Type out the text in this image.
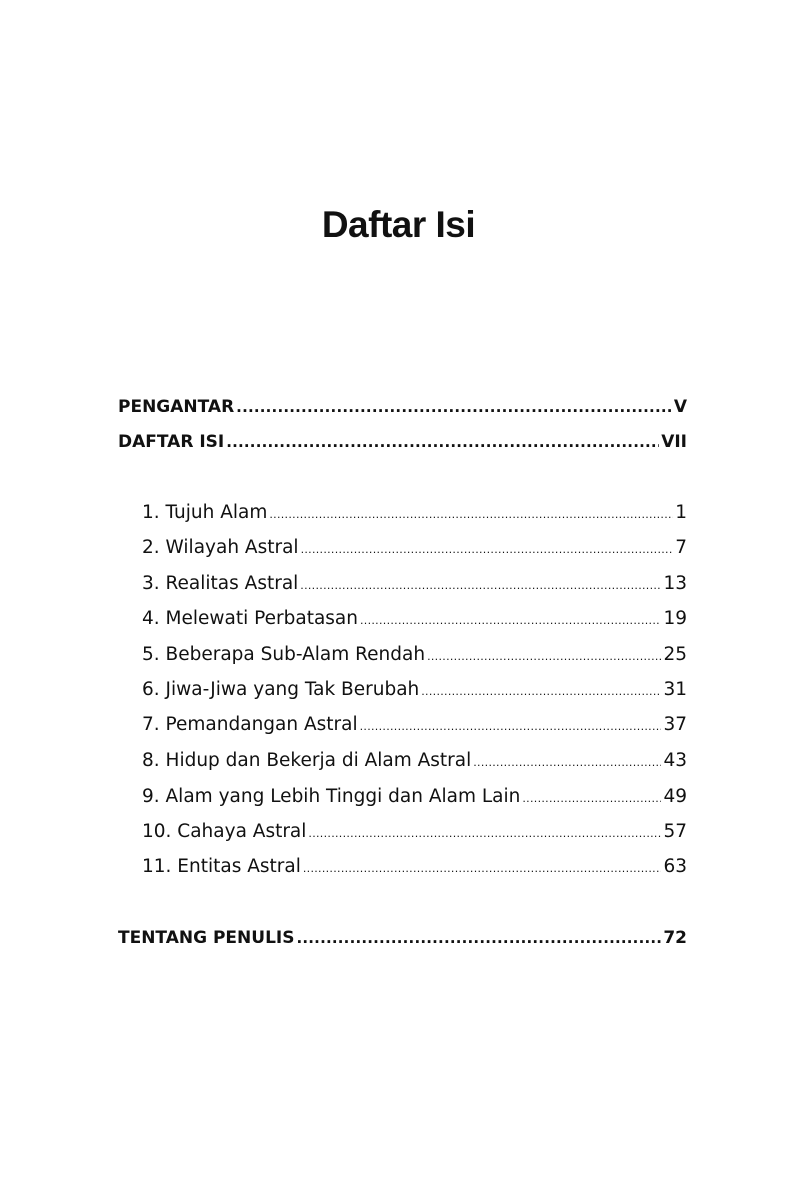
Daftar Isi
PENGANTAR .....	V
DAFTAR ISI .....	VII
1. Tujuh Alam .....	1
2. Wilayah Astral .....	7
3. Realitas Astral .....	13
4. Melewati Perbatasan .....	19
5. Beberapa Sub-Alam Rendah .....	25
6. Jiwa-Jiwa yang Tak Berubah .....	31
7. Pemandangan Astral .....	37
8. Hidup dan Bekerja di Alam Astral .....	43
9. Alam yang Lebih Tinggi dan Alam Lain .....	49
10. Cahaya Astral .....	57
11. Entitas Astral .....	63
TENTANG PENULIS .....	72
